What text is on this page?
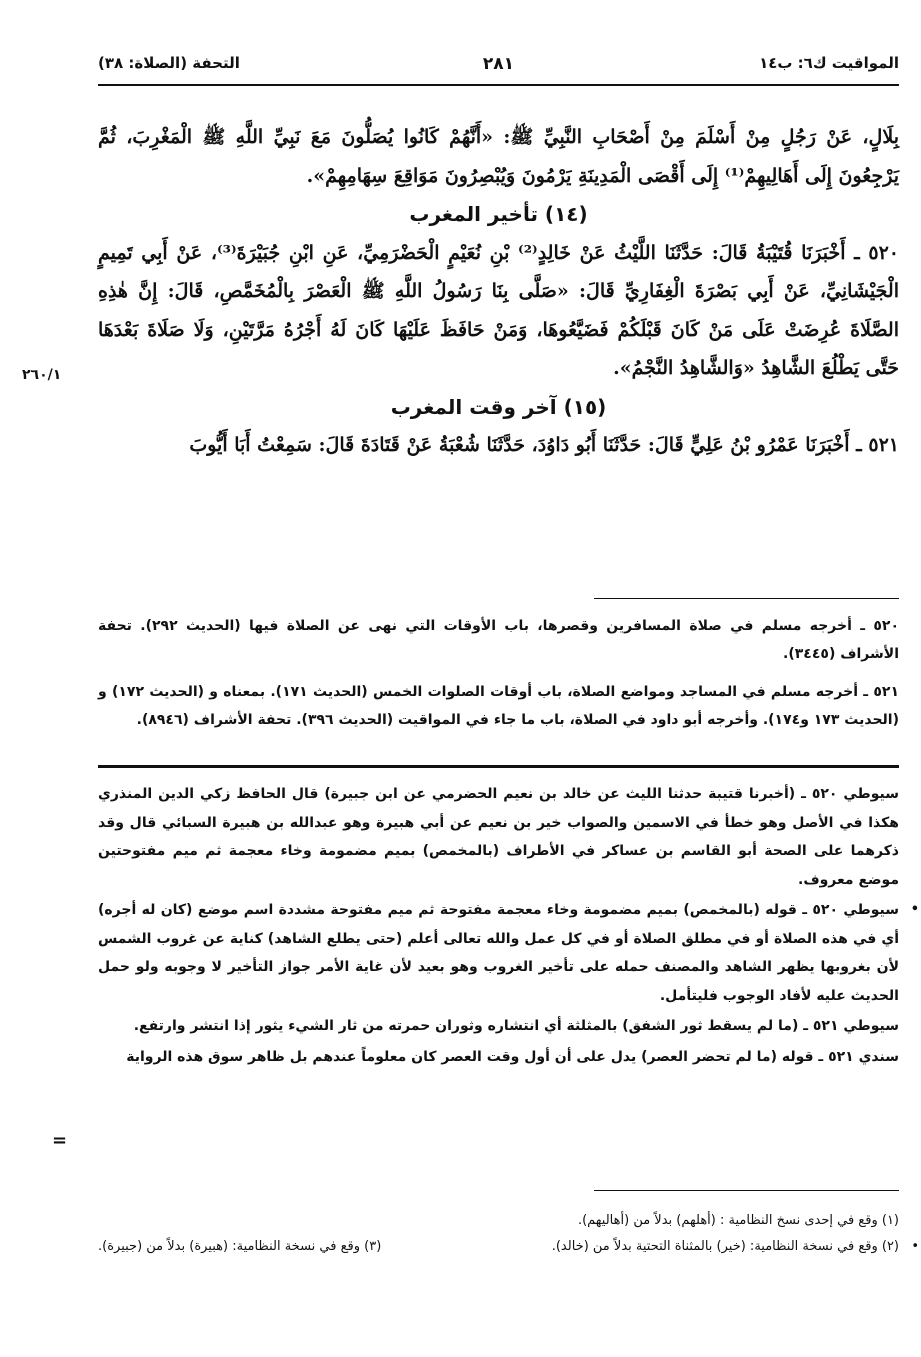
المواقيت ك٦: ب١٤
٢٨١
التحفة (الصلاة: ٣٨)

بِلَالٍ، عَنْ رَجُلٍ مِنْ أَسْلَمَ مِنْ أَصْحَابِ النَّبِيِّ ﷺ: «أَنَّهُمْ كَانُوا يُصَلُّونَ مَعَ نَبِيِّ اللَّهِ ﷺ الْمَغْرِبَ، ثُمَّ يَرْجِعُونَ إِلَى أَهَالِيهِمْ⁽¹⁾ إِلَى أَقْصَى الْمَدِينَةِ يَرْمُونَ وَيُبْصِرُونَ مَوَاقِعَ سِهَامِهِمْ».

(١٤) تأخير المغرب

٥٢٠ ـ أَخْبَرَنَا قُتَيْبَةُ قَالَ: حَدَّثَنَا اللَّيْثُ عَنْ خَالِدٍ⁽²⁾ بْنِ نُعَيْمٍ الْحَضْرَمِيِّ، عَنِ ابْنِ جُبَيْرَةَ⁽³⁾، عَنْ أَبِي تَمِيمٍ الْجَيْشَانِيِّ، عَنْ أَبِي بَصْرَةَ الْغِفَارِيِّ قَالَ: «صَلَّى بِنَا رَسُولُ اللَّهِ ﷺ الْعَصْرَ بِالْمُخَمَّصِ، قَالَ: إِنَّ هٰذِهِ الصَّلَاةَ عُرِضَتْ عَلَى مَنْ كَانَ قَبْلَكُمْ فَضَيَّعُوهَا، وَمَنْ حَافَظَ عَلَيْهَا كَانَ لَهُ أَجْرُهُ مَرَّتَيْنِ، وَلَا صَلَاةَ بَعْدَهَا حَتَّى يَطْلُعَ الشَّاهِدُ «وَالشَّاهِدُ النَّجْمُ».

(١٥) آخر وقت المغرب

٥٢١ ـ أَخْبَرَنَا عَمْرُو بْنُ عَلِيٍّ قَالَ: حَدَّثَنَا أَبُو دَاوُدَ، حَدَّثَنَا شُعْبَةُ عَنْ قَتَادَةَ قَالَ: سَمِعْتُ أَبَا أَيُّوبَ

٢٦٠/١

٥٢٠ ـ أخرجه مسلم في صلاة المسافرين وقصرها، باب الأوقات التي نهى عن الصلاة فيها (الحديث ٢٩٢). تحفة الأشراف (٣٤٤٥).

٥٢١ ـ أخرجه مسلم في المساجد ومواضع الصلاة، باب أوقات الصلوات الخمس (الحديث ١٧١). بمعناه و (الحديث ١٧٢) و (الحديث ١٧٣ و١٧٤). وأخرجه أبو داود في الصلاة، باب ما جاء في المواقيت (الحديث ٣٩٦). تحفة الأشراف (٨٩٤٦).

سيوطي ٥٢٠ ـ (أخبرنا قتيبة حدثنا الليث عن خالد بن نعيم الحضرمي عن ابن جبيرة) قال الحافظ زكي الدين المنذري هكذا في الأصل وهو خطأ في الاسمين والصواب خير بن نعيم عن أبي هبيرة وهو عبدالله بن هبيرة السبائي قال وقد ذكرهما على الصحة أبو القاسم بن عساكر في الأطراف (بالمخمص) بميم مضمومة وخاء معجمة ثم ميم مفتوحتين موضع معروف.

•
سيوطي ٥٢٠ ـ قوله (بالمخمص) بميم مضمومة وخاء معجمة مفتوحة ثم ميم مفتوحة مشددة اسم موضع (كان له أجره) أي في هذه الصلاة أو في مطلق الصلاة أو في كل عمل والله تعالى أعلم (حتى يطلع الشاهد) كناية عن غروب الشمس لأن بغروبها يظهر الشاهد والمصنف حمله على تأخير الغروب وهو بعيد لأن غاية الأمر جواز التأخير لا وجوبه ولو حمل الحديث عليه لأفاد الوجوب فليتأمل.

سيوطي ٥٢١ ـ (ما لم يسقط ثور الشفق) بالمثلثة أي انتشاره وثوران حمرته من ثار الشيء يثور إذا انتشر وارتفع.

سندي ٥٢١ ـ قوله (ما لم تحضر العصر) يدل على أن أول وقت العصر كان معلوماً عندهم بل ظاهر سوق هذه الرواية

=
(١) وقع في إحدى نسخ النظامية : (أهلهم) بدلاً من (أهاليهم).
•
(٢) وقع في نسخة النظامية: (خير) بالمثناة التحتية بدلاً من (خالد).
(٣) وقع في نسخة النظامية: (هبيرة) بدلاً من (جبيرة).
